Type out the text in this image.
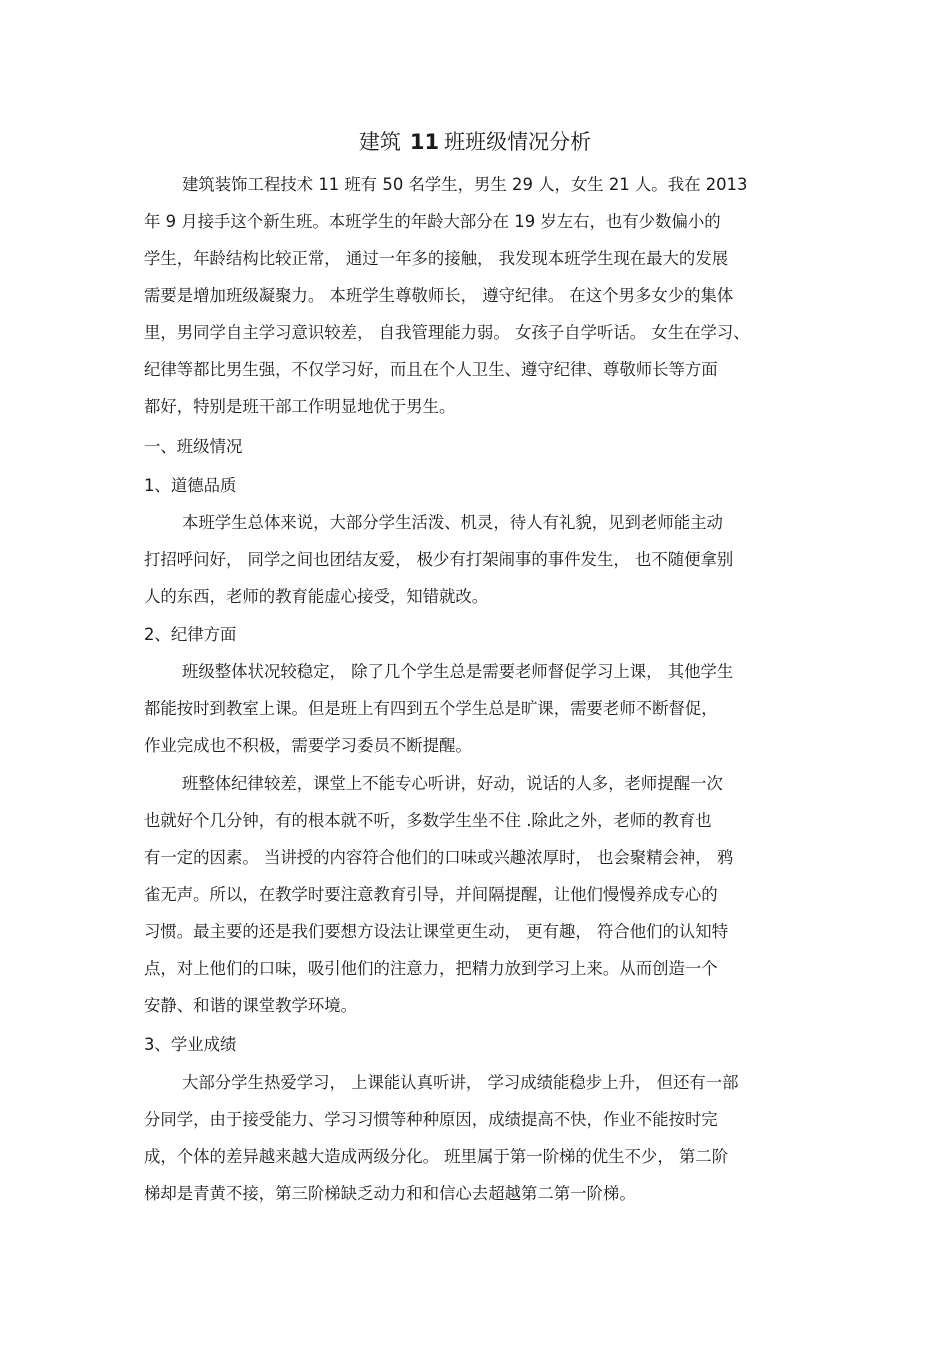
建筑 11 班班级情况分析
建筑装饰工程技术 11 班有 50 名学生，男生 29 人，女生 21 人。我在 2013
年 9 月接手这个新生班。本班学生的年龄大部分在 19 岁左右，也有少数偏小的
学生，年龄结构比较正常， 通过一年多的接触， 我发现本班学生现在最大的发展
需要是增加班级凝聚力。 本班学生尊敬师长， 遵守纪律。 在这个男多女少的集体
里，男同学自主学习意识较差， 自我管理能力弱。 女孩子自学听话。 女生在学习、
纪律等都比男生强，不仅学习好，而且在个人卫生、遵守纪律、尊敬师长等方面
都好，特别是班干部工作明显地优于男生。
一、班级情况
1、道德品质
本班学生总体来说，大部分学生活泼、机灵，待人有礼貌，见到老师能主动
打招呼问好， 同学之间也团结友爱， 极少有打架闹事的事件发生， 也不随便拿别
人的东西，老师的教育能虚心接受，知错就改。
2、纪律方面
班级整体状况较稳定， 除了几个学生总是需要老师督促学习上课， 其他学生
都能按时到教室上课。但是班上有四到五个学生总是旷课，需要老师不断督促，
作业完成也不积极，需要学习委员不断提醒。
班整体纪律较差，课堂上不能专心听讲，好动，说话的人多，老师提醒一次
也就好个几分钟，有的根本就不听，多数学生坐不住 .除此之外，老师的教育也
有一定的因素。 当讲授的内容符合他们的口味或兴趣浓厚时， 也会聚精会神， 鸦
雀无声。所以，在教学时要注意教育引导，并间隔提醒，让他们慢慢养成专心的
习惯。最主要的还是我们要想方设法让课堂更生动， 更有趣， 符合他们的认知特
点，对上他们的口味，吸引他们的注意力，把精力放到学习上来。从而创造一个
安静、和谐的课堂教学环境。
3、学业成绩
大部分学生热爱学习， 上课能认真听讲， 学习成绩能稳步上升， 但还有一部
分同学，由于接受能力、学习习惯等种种原因，成绩提高不快，作业不能按时完
成，个体的差异越来越大造成两级分化。 班里属于第一阶梯的优生不少， 第二阶
梯却是青黄不接，第三阶梯缺乏动力和和信心去超越第二第一阶梯。
